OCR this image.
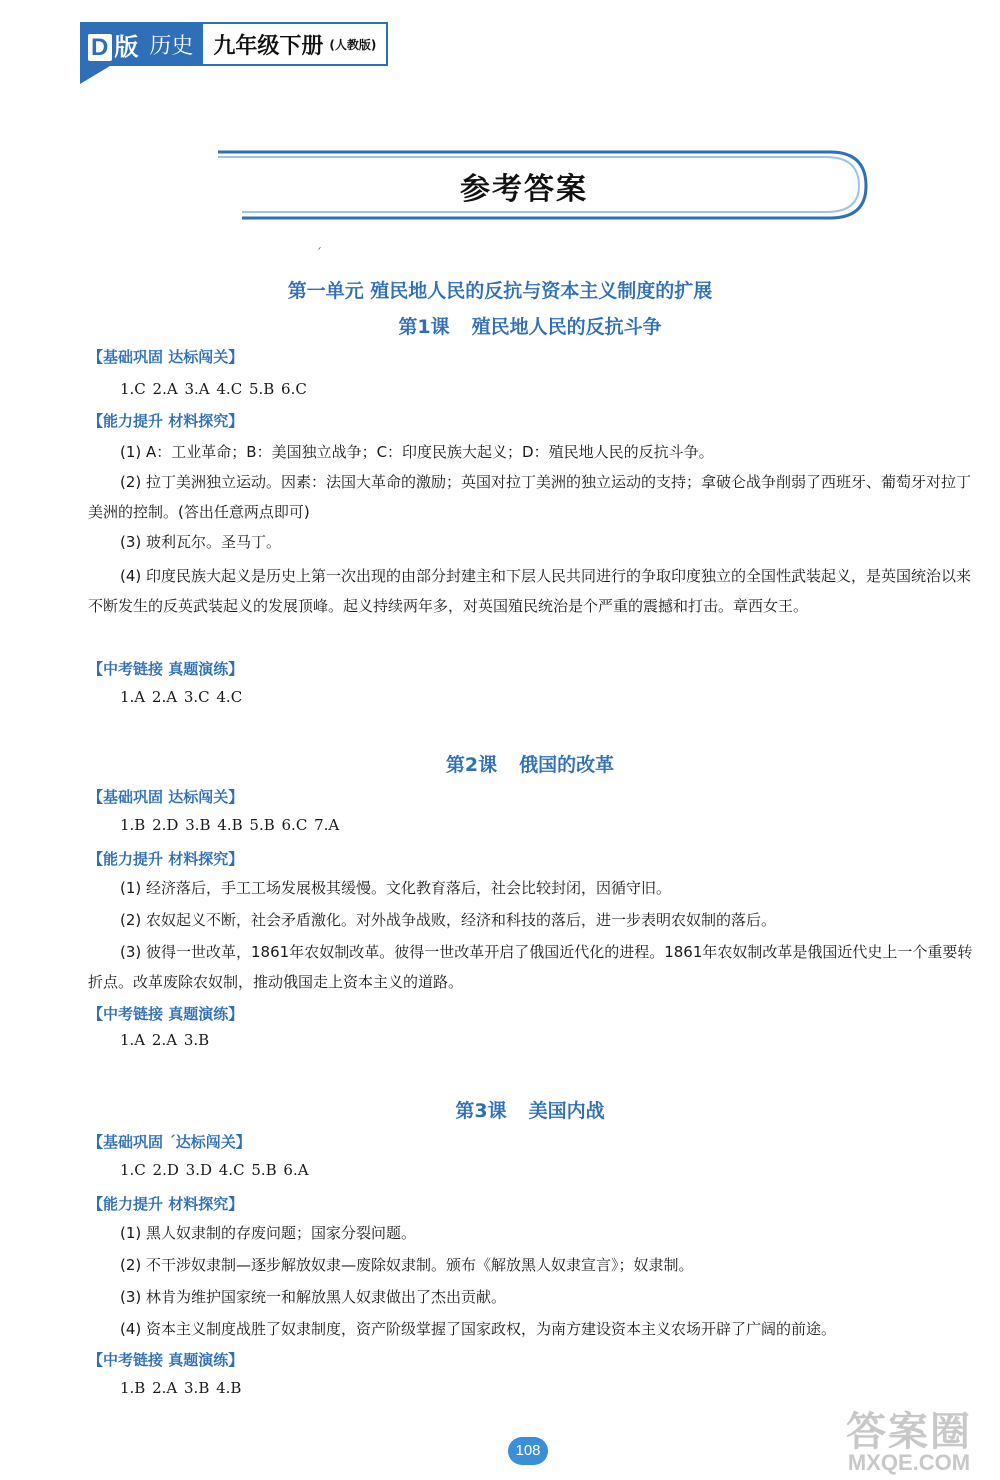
D 版 历史 九年级下册 (人教版)
参考答案
ˊ
第一单元 殖民地人民的反抗与资本主义制度的扩展
第1课 殖民地人民的反抗斗争
【基础巩固 达标闯关】
1.C 2.A 3.A 4.C 5.B 6.C
【能力提升 材料探究】

(1) A：工业革命；B：美国独立战争；C：印度民族大起义；D：殖民地人民的反抗斗争。

(2) 拉丁美洲独立运动。因素：法国大革命的激励；英国对拉丁美洲的独立运动的支持；拿破仑战争削弱了西班牙、葡萄牙对拉丁美洲的控制。(答出任意两点即可)

(3) 玻利瓦尔。圣马丁。

(4) 印度民族大起义是历史上第一次出现的由部分封建主和下层人民共同进行的争取印度独立的全国性武装起义，是英国统治以来不断发生的反英武装起义的发展顶峰。起义持续两年多，对英国殖民统治是个严重的震撼和打击。章西女王。

【中考链接 真题演练】
1.A 2.A 3.C 4.C
第2课 俄国的改革
【基础巩固 达标闯关】
1.B 2.D 3.B 4.B 5.B 6.C 7.A
【能力提升 材料探究】

(1) 经济落后，手工工场发展极其缓慢。文化教育落后，社会比较封闭，因循守旧。

(2) 农奴起义不断，社会矛盾激化。对外战争战败，经济和科技的落后，进一步表明农奴制的落后。

(3) 彼得一世改革，1861年农奴制改革。彼得一世改革开启了俄国近代化的进程。1861年农奴制改革是俄国近代史上一个重要转折点。改革废除农奴制，推动俄国走上资本主义的道路。

【中考链接 真题演练】
1.A 2.A 3.B
第3课 美国内战
【基础巩固 ˊ达标闯关】
1.C 2.D 3.D 4.C 5.B 6.A
【能力提升 材料探究】

(1) 黑人奴隶制的存废问题；国家分裂问题。

(2) 不干涉奴隶制—逐步解放奴隶—废除奴隶制。颁布《解放黑人奴隶宣言》；奴隶制。

(3) 林肯为维护国家统一和解放黑人奴隶做出了杰出贡献。

(4) 资本主义制度战胜了奴隶制度，资产阶级掌握了国家政权，为南方建设资本主义农场开辟了广阔的前途。

【中考链接 真题演练】
1.B 2.A 3.B 4.B
108	答案圈
MXQE.COM
